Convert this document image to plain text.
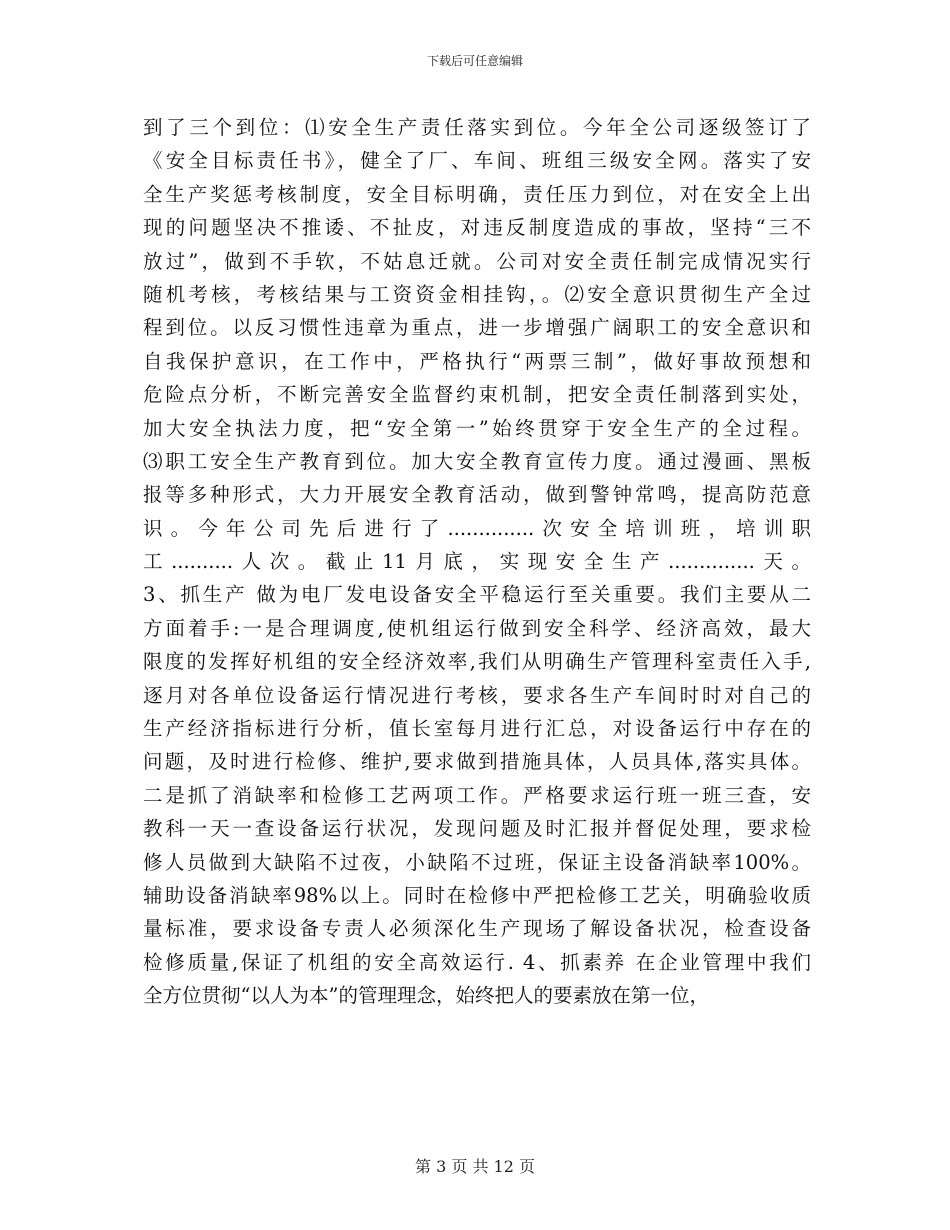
下载后可任意编辑
到了三个到位：⑴安全生产责任落实到位。今年全公司逐级签订了
《安全目标责任书》，健全了厂、车间、班组三级安全网。落实了安
全生产奖惩考核制度，安全目标明确，责任压力到位，对在安全上出
现的问题坚决不推诿、不扯皮，对违反制度造成的事故，坚持“三不
放过”，做到不手软，不姑息迁就。公司对安全责任制完成情况实行
随机考核，考核结果与工资资金相挂钩，。⑵安全意识贯彻生产全过
程到位。以反习惯性违章为重点，进一步增强广阔职工的安全意识和
自我保护意识，在工作中，严格执行“两票三制”，做好事故预想和
危险点分析，不断完善安全监督约束机制，把安全责任制落到实处，
加大安全执法力度，把“安全第一”始终贯穿于安全生产的全过程。
⑶职工安全生产教育到位。加大安全教育宣传力度。通过漫画、黑板
报等多种形式，大力开展安全教育活动，做到警钟常鸣，提高防范意
识。今年公司先后进行了..............次安全培训班，培训职
工..........人次。截止11月底，实现安全生产..............天。
3、抓生产 做为电厂发电设备安全平稳运行至关重要。我们主要从二
方面着手:一是合理调度,使机组运行做到安全科学、经济高效，最大
限度的发挥好机组的安全经济效率,我们从明确生产管理科室责任入手,
逐月对各单位设备运行情况进行考核，要求各生产车间时时对自己的
生产经济指标进行分析，值长室每月进行汇总，对设备运行中存在的
问题，及时进行检修、维护,要求做到措施具体，人员具体,落实具体。
二是抓了消缺率和检修工艺两项工作。严格要求运行班一班三查，安
教科一天一查设备运行状况，发现问题及时汇报并督促处理，要求检
修人员做到大缺陷不过夜，小缺陷不过班，保证主设备消缺率100%。
辅助设备消缺率98%以上。同时在检修中严把检修工艺关，明确验收质
量标准，要求设备专责人必须深化生产现场了解设备状况，检查设备
检修质量,保证了机组的安全高效运行. 4、抓素养 在企业管理中我们
全方位贯彻“以人为本”的管理理念，始终把人的要素放在第一位，
第 3 页 共 12 页
